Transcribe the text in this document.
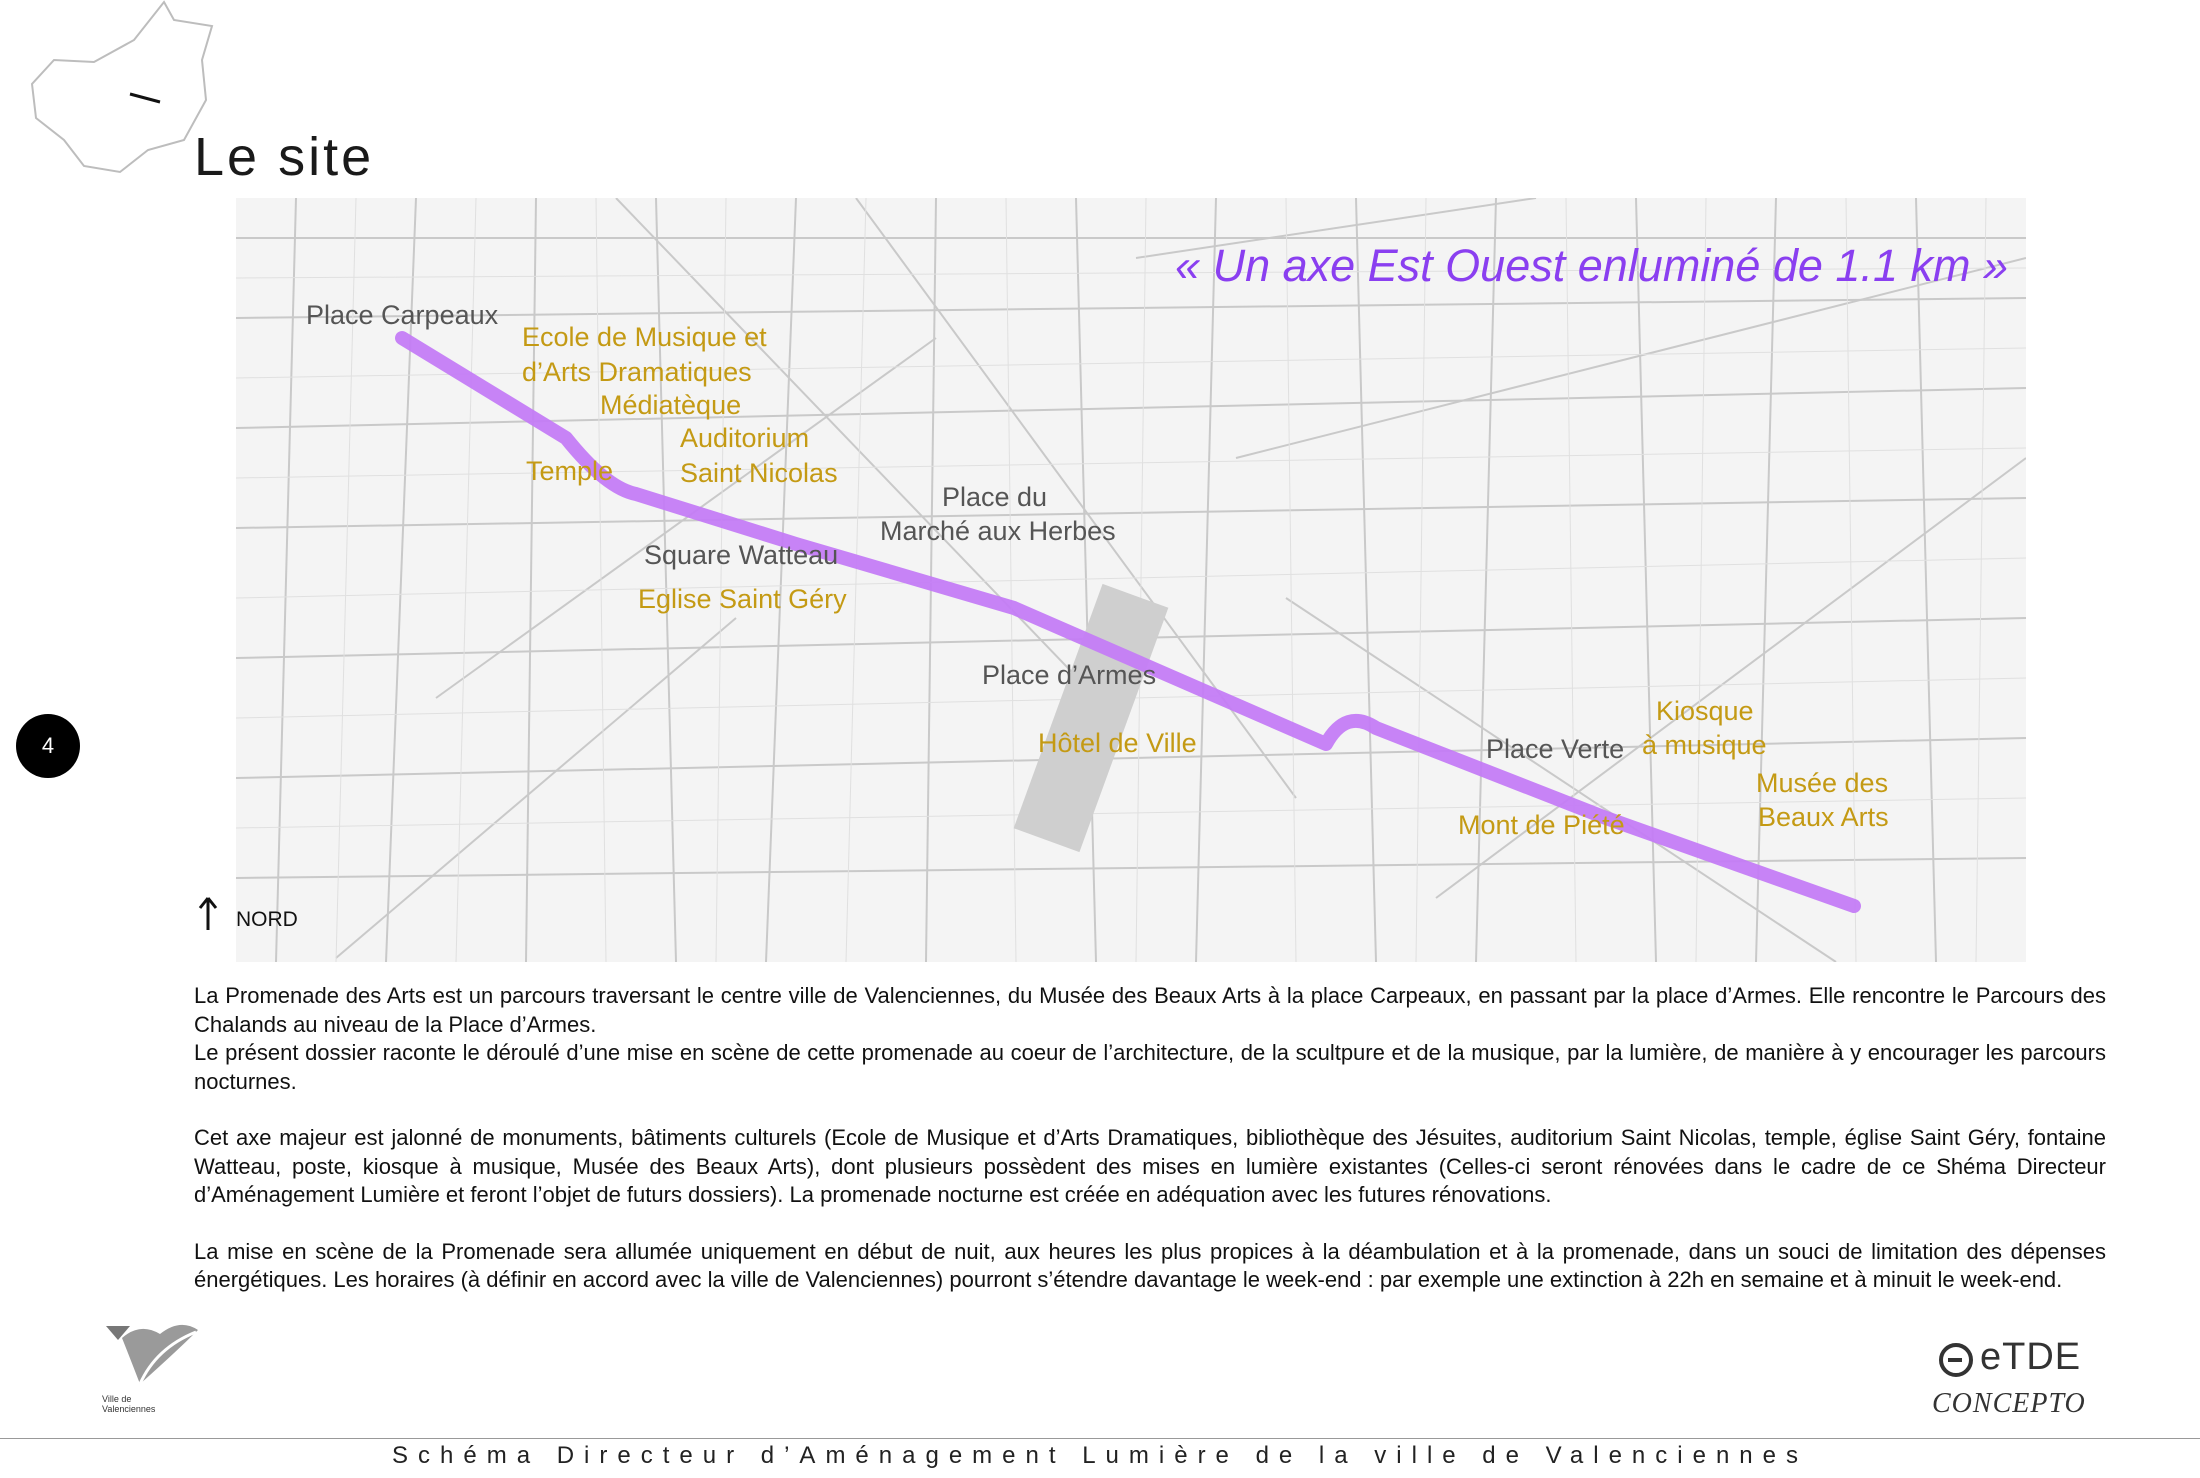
Le site
4
« Un axe Est Ouest enluminé de 1.1 km »
Place Carpeaux
Ecole de Musique et
d’Arts Dramatiques
Médiatèque
Auditorium
Saint Nicolas
Temple
Place du
Marché aux Herbes
Square Watteau
Eglise Saint Géry
Place d’Armes
Hôtel de Ville	Place Verte
Kiosque
à musique
Musée des
Beaux Arts
Mont de Piété
NORD

La Promenade des Arts est un parcours traversant le centre ville de Valenciennes, du Musée des Beaux Arts à la place Carpeaux, en passant par la place d’Armes. Elle rencontre le Parcours des Chalands au niveau de la Place d’Armes.
Le présent dossier raconte le déroulé d’une mise en scène de cette promenade au coeur de l’architecture, de la scultpure et de la musique, par la lumière, de manière à y encourager les parcours nocturnes.

Cet axe majeur est jalonné de monuments, bâtiments culturels (Ecole de Musique et d’Arts Dramatiques, bibliothèque des Jésuites, auditorium Saint Nicolas, temple, église Saint Géry, fontaine Watteau, poste, kiosque à musique, Musée des Beaux Arts), dont plusieurs possèdent des mises en lumière existantes (Celles-ci seront rénovées dans le cadre de ce Shéma Directeur d’Aménagement Lumière et feront l’objet de futurs dossiers). La promenade nocturne est créée en adéquation avec les futures rénovations.

La mise en scène de la Promenade sera allumée uniquement en début de nuit, aux heures les plus propices à la déambulation et à la promenade, dans un souci de limitation des dépenses énergétiques. Les horaires (à définir en accord avec la ville de Valenciennes) pourront s’étendre davantage le week-end : par exemple une extinction à 22h en semaine et à minuit le week-end.

Ville de
Valenciennes
eTDE
CONCEPTO
Schéma Directeur d’Aménagement Lumière de la ville de Valenciennes
